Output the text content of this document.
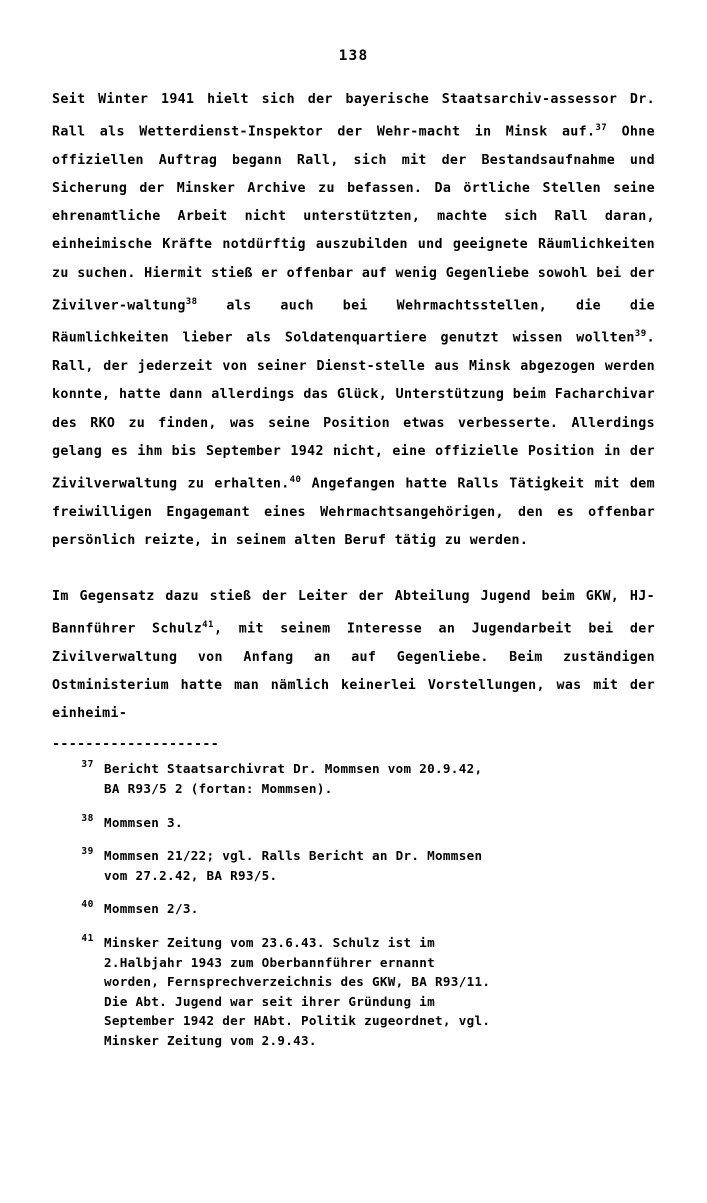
138

Seit Winter 1941 hielt sich der bayerische Staatsarchiv-assessor Dr. Rall als Wetterdienst-Inspektor der Wehr-macht in Minsk auf.$^{37}$ Ohne offiziellen Auftrag begann Rall, sich mit der Bestandsaufnahme und Sicherung der Minsker Archive zu befassen. Da örtliche Stellen seine ehrenamtliche Arbeit nicht unterstützten, machte sich Rall daran, einheimische Kräfte notdürftig auszubilden und geeignete Räumlichkeiten zu suchen. Hiermit stieß er offenbar auf wenig Gegenliebe sowohl bei der Zivilver-waltung$^{38}$ als auch bei Wehrmachtsstellen, die die Räumlichkeiten lieber als Soldatenquartiere genutzt wissen wollten$^{39}$. Rall, der jederzeit von seiner Dienst-stelle aus Minsk abgezogen werden konnte, hatte dann allerdings das Glück, Unterstützung beim Facharchivar des RKO zu finden, was seine Position etwas verbesserte. Allerdings gelang es ihm bis September 1942 nicht, eine offizielle Position in der Zivilverwaltung zu erhalten.$^{40}$ Angefangen hatte Ralls Tätigkeit mit dem freiwilligen Engagemant eines Wehrmachtsangehörigen, den es offenbar persönlich reizte, in seinem alten Beruf tätig zu werden.

Im Gegensatz dazu stieß der Leiter der Abteilung Jugend beim GKW, HJ-Bannführer Schulz$^{41}$, mit seinem Interesse an Jugendarbeit bei der Zivilverwaltung von Anfang an auf Gegenliebe. Beim zuständigen Ostministerium hatte man nämlich keinerlei Vorstellungen, was mit der einheimi-

--------------------
37 Bericht Staatsarchivrat Dr. Mommsen vom 20.9.42,
BA R93/5 2 (fortan: Mommsen).
38 Mommsen 3.
39 Mommsen 21/22; vgl. Ralls Bericht an Dr. Mommsen
vom 27.2.42, BA R93/5.
40 Mommsen 2/3.
41 Minsker Zeitung vom 23.6.43. Schulz ist im
2.Halbjahr 1943 zum Oberbannführer ernannt
worden, Fernsprechverzeichnis des GKW, BA R93/11.
Die Abt. Jugend war seit ihrer Gründung im
September 1942 der HAbt. Politik zugeordnet, vgl.
Minsker Zeitung vom 2.9.43.
